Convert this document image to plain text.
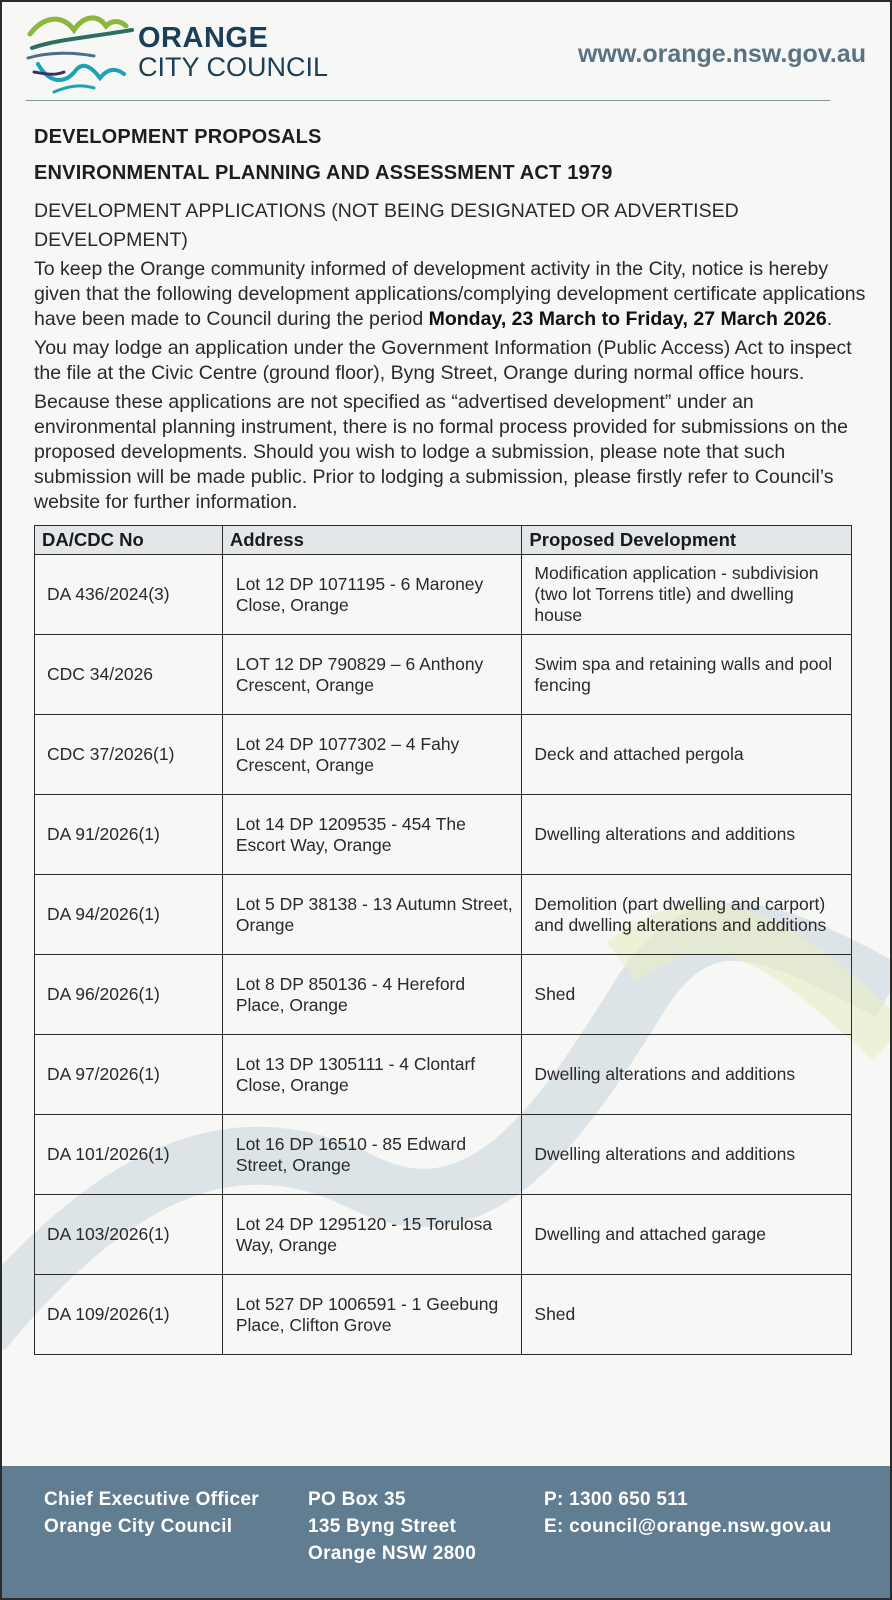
ORANGE
CITY COUNCIL	www.orange.nsw.gov.au
DEVELOPMENT PROPOSALS
ENVIRONMENTAL PLANNING AND ASSESSMENT ACT 1979
DEVELOPMENT APPLICATIONS (NOT BEING DESIGNATED OR ADVERTISED DEVELOPMENT)

To keep the Orange community informed of development activity in the City, notice is hereby given that the following development applications/complying development certificate applications have been made to Council during the period Monday, 23 March to Friday, 27 March 2026.

You may lodge an application under the Government Information (Public Access) Act to inspect the file at the Civic Centre (ground floor), Byng Street, Orange during normal office hours.

Because these applications are not specified as “advertised development” under an environmental planning instrument, there is no formal process provided for submissions on the proposed developments. Should you wish to lodge a submission, please note that such submission will be made public. Prior to lodging a submission, please firstly refer to Council’s website for further information.

DA/CDC No	Address	Proposed Development
DA 436/2024(3)	Lot 12 DP 1071195 - 6 Maroney Close, Orange	Modification application - subdivision (two lot Torrens title) and dwelling house
CDC 34/2026	LOT 12 DP 790829 – 6 Anthony Crescent, Orange	Swim spa and retaining walls and pool fencing
CDC 37/2026(1)	Lot 24 DP 1077302 – 4 Fahy Crescent, Orange	Deck and attached pergola
DA 91/2026(1)	Lot 14 DP 1209535 - 454 The Escort Way, Orange	Dwelling alterations and additions
DA 94/2026(1)	Lot 5 DP 38138 - 13 Autumn Street, Orange	Demolition (part dwelling and carport) and dwelling alterations and additions
DA 96/2026(1)	Lot 8 DP 850136 - 4 Hereford Place, Orange	Shed
DA 97/2026(1)	Lot 13 DP 1305111 - 4 Clontarf Close, Orange	Dwelling alterations and additions
DA 101/2026(1)	Lot 16 DP 16510 - 85 Edward Street, Orange	Dwelling alterations and additions
DA 103/2026(1)	Lot 24 DP 1295120 - 15 Torulosa Way, Orange	Dwelling and attached garage
DA 109/2026(1)	Lot 527 DP 1006591 - 1 Geebung Place, Clifton Grove	Shed
Chief Executive Officer
Orange City Council
PO Box 35
135 Byng Street
Orange NSW 2800
P: 1300 650 511
E: council@orange.nsw.gov.au
